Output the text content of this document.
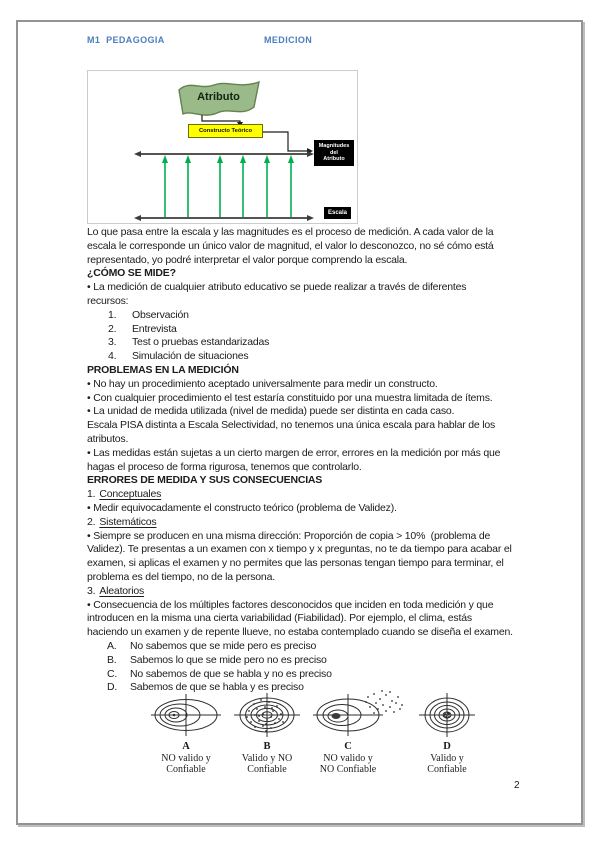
M1  PEDAGOGIA	MEDICION
Atributo
Constructo Teórico
Magnitudes del
Atributo
Escala
Lo que pasa entre la escala y las magnitudes es el proceso de medición. A cada valor de la
escala le corresponde un único valor de magnitud, el valor lo desconozco, no sé cómo está
representado, yo podré interpretar el valor porque comprendo la escala.
¿CÓMO SE MIDE?
• La medición de cualquier atributo educativo se puede realizar a través de diferentes
recursos:
1. Observación
2. Entrevista
3. Test o pruebas estandarizadas
4. Simulación de situaciones
PROBLEMAS EN LA MEDICIÓN
• No hay un procedimiento aceptado universalmente para medir un constructo.
• Con cualquier procedimiento el test estaría constituido por una muestra limitada de ítems.
• La unidad de medida utilizada (nivel de medida) puede ser distinta en cada caso.
Escala PISA distinta a Escala Selectividad, no tenemos una única escala para hablar de los
atributos.
• Las medidas están sujetas a un cierto margen de error, errores en la medición por más que
hagas el proceso de forma rigurosa, tenemos que controlarlo.
ERRORES DE MEDIDA Y SUS CONSECUENCIAS
1. Conceptuales
• Medir equivocadamente el constructo teórico (problema de Validez).
2. Sistemáticos
• Siempre se producen en una misma dirección: Proporción de copia > 10%  (problema de
Validez). Te presentas a un examen con x tiempo y x preguntas, no te da tiempo para acabar el
examen, si aplicas el examen y no permites que las personas tengan tiempo para terminar, el
problema es del tiempo, no de la persona.
3. Aleatorios
• Consecuencia de los múltiples factores desconocidos que inciden en toda medición y que
introducen en la misma una cierta variabilidad (Fiabilidad). Por ejemplo, el clima, estás
haciendo un examen y de repente llueve, no estaba contemplado cuando se diseña el examen.
A. No sabemos que se mide pero es preciso
B. Sabemos lo que se mide pero no es preciso
C. No sabemos de que se habla y no es preciso
D. Sabemos de que se habla y es preciso
A
NO valido y
Confiable
B
Valido y NO
Confiable
C
NO valido y
NO Confiable
D
Valido y
Confiable
2
